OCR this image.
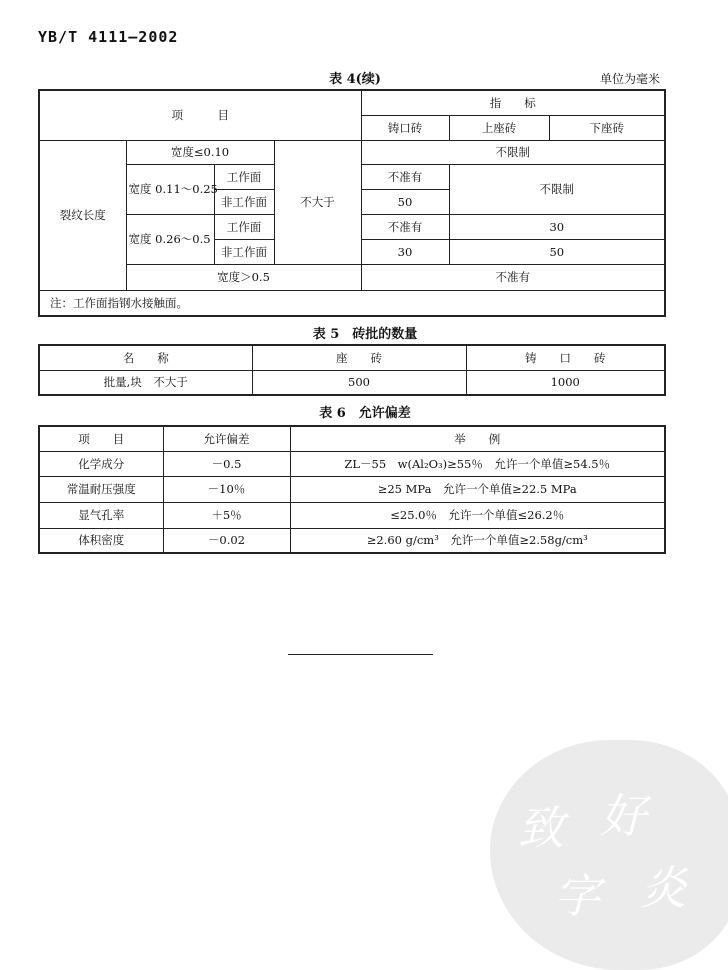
YB/T 4111—2002
表 4(续)	单位为毫米
项　　　目				指　　标		
				铸口砖	上座砖	下座砖
裂纹长度	宽度≤0.10		不大于	不限制		
	宽度 0.11～0.25	工作面		不准有	不限制	
		非工作面		50		
	宽度 0.26～0.5	工作面		不准有	30	
		非工作面		30	50	
	宽度＞0.5			不准有		
注：工作面指钢水接触面。						
表 5　砖批的数量
名　　称	座　　砖	铸　　口　　砖
批量,块　不大于	500	1000
表 6　允许偏差
项　　目	允许偏差	举　　例
化学成分	－0.5	ZL－55　w(Al₂O₃)≥55％　允许一个单值≥54.5％
常温耐压强度	－10％	≥25 MPa　允许一个单值≥22.5 MPa
显气孔率	＋5％	≤25.0％　允许一个单值≤26.2％
体积密度	－0.02	≥2.60 g/cm³　允许一个单值≥2.58g/cm³
致 好
字 炎
